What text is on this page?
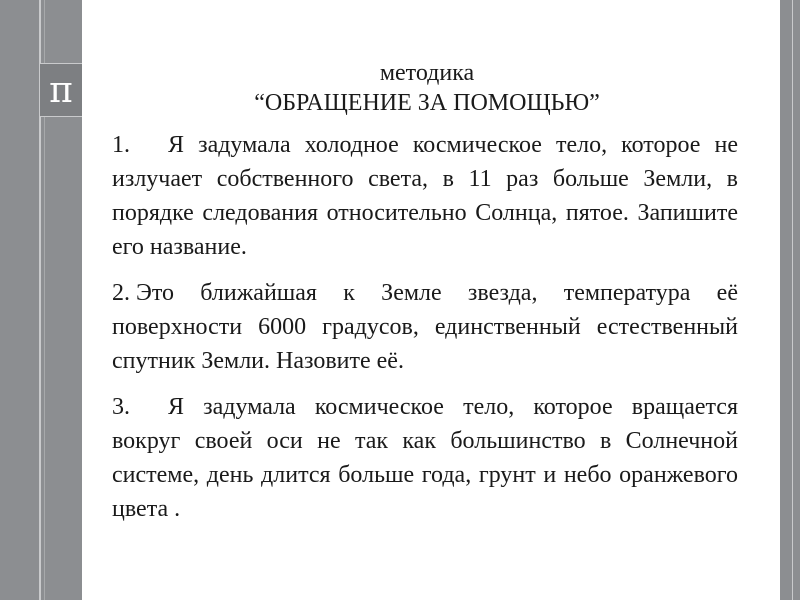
π	методика
“ОБРАЩЕНИЕ ЗА ПОМОЩЬЮ”

1. Я задумала холодное космическое тело, которое не излучает собственного света, в 11 раз больше Земли, в порядке следования относительно Солнца, пятое. Запишите его название.

2. Это ближайшая к Земле звезда, температура её поверхности 6000 градусов, единственный естественный спутник Земли. Назовите её.

3. Я задумала космическое тело, которое вращается вокруг своей оси не так как большинство в Солнечной системе, день длится больше года, грунт и небо оранжевого цвета .
